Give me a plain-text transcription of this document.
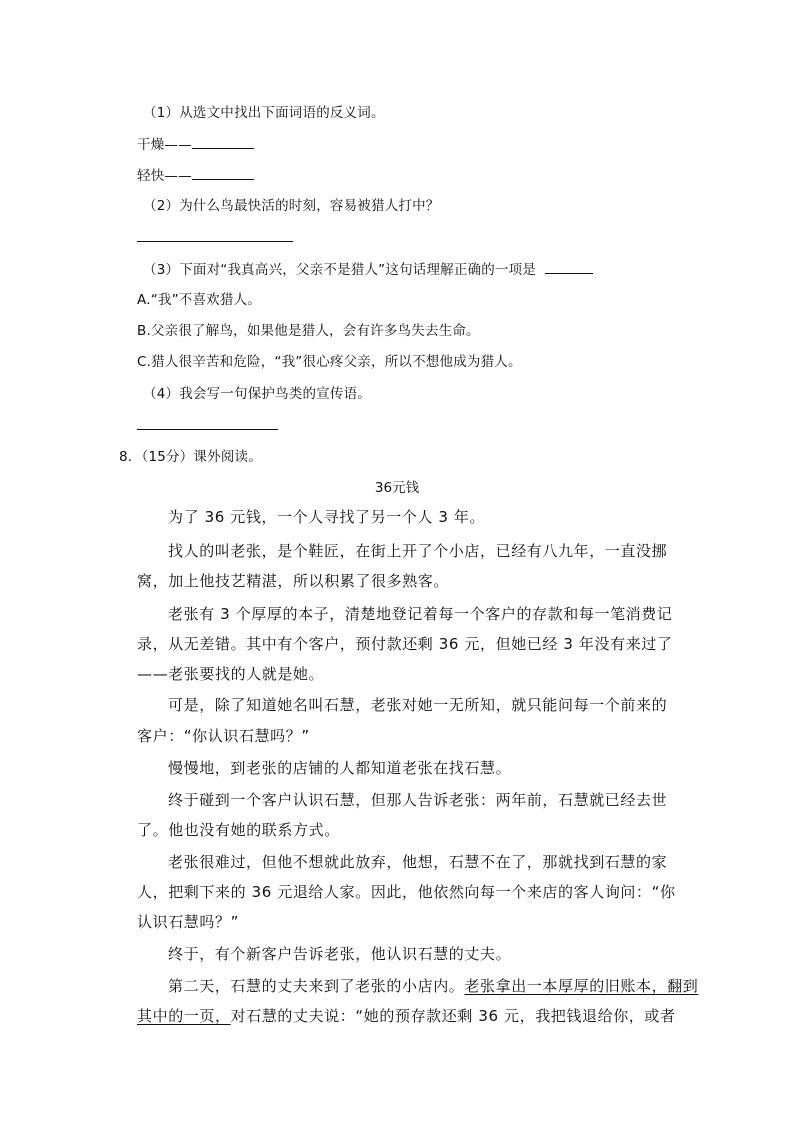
（1）从选文中找出下面词语的反义词。
干燥——
轻快——
（2）为什么鸟最快活的时刻，容易被猎人打中？
（3）下面对“我真高兴，父亲不是猎人”这句话理解正确的一项是
A.“我”不喜欢猎人。
B.父亲很了解鸟，如果他是猎人，会有许多鸟失去生命。
C.猎人很辛苦和危险，“我”很心疼父亲，所以不想他成为猎人。
（4）我会写一句保护鸟类的宣传语。
8．（15分）课外阅读。
36元钱
为了 36 元钱，一个人寻找了另一个人 3 年。
找人的叫老张，是个鞋匠，在街上开了个小店，已经有八九年，一直没挪
窝，加上他技艺精湛，所以积累了很多熟客。
老张有 3 个厚厚的本子，清楚地登记着每一个客户的存款和每一笔消费记
录，从无差错。其中有个客户，预付款还剩 36 元，但她已经 3 年没有来过了
——老张要找的人就是她。
可是，除了知道她名叫石慧，老张对她一无所知，就只能问每一个前来的
客户：“你认识石慧吗？”
慢慢地，到老张的店铺的人都知道老张在找石慧。
终于碰到一个客户认识石慧，但那人告诉老张：两年前，石慧就已经去世
了。他也没有她的联系方式。
老张很难过，但他不想就此放弃，他想，石慧不在了，那就找到石慧的家
人，把剩下来的 36 元退给人家。因此，他依然向每一个来店的客人询问：“你
认识石慧吗？”
终于，有个新客户告诉老张，他认识石慧的丈夫。
第二天，石慧的丈夫来到了老张的小店内。老张拿出一本厚厚的旧账本，翻到
其中的一页，对石慧的丈夫说：“她的预存款还剩 36 元，我把钱退给你，或者
